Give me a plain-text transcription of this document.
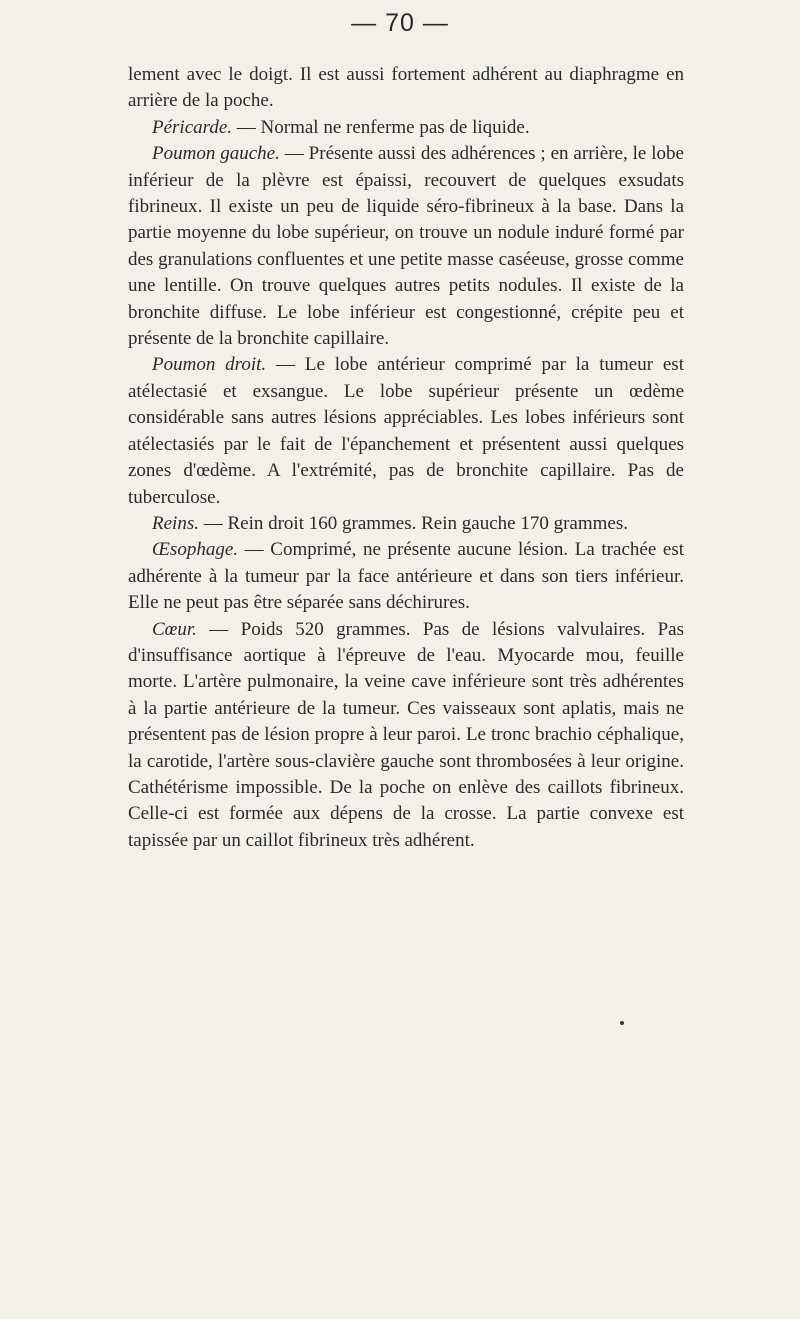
— 70 —

lement avec le doigt. Il est aussi fortement adhérent au diaphragme en arrière de la poche.

Péricarde. — Normal ne renferme pas de liquide.

Poumon gauche. — Présente aussi des adhérences ; en arrière, le lobe inférieur de la plèvre est épaissi, recouvert de quelques exsudats fibrineux. Il existe un peu de liquide séro-fibrineux à la base. Dans la partie moyenne du lobe supérieur, on trouve un nodule induré formé par des granulations confluentes et une petite masse caséeuse, grosse comme une lentille. On trouve quelques autres petits nodules. Il existe de la bronchite diffuse. Le lobe inférieur est congestionné, crépite peu et présente de la bronchite capillaire.

Poumon droit. — Le lobe antérieur comprimé par la tumeur est atélectasié et exsangue. Le lobe supérieur présente un œdème considérable sans autres lésions appréciables. Les lobes inférieurs sont atélectasiés par le fait de l'épanchement et présentent aussi quelques zones d'œdème. A l'extrémité, pas de bronchite capillaire. Pas de tuberculose.

Reins. — Rein droit 160 grammes. Rein gauche 170 grammes.

Œsophage. — Comprimé, ne présente aucune lésion. La trachée est adhérente à la tumeur par la face antérieure et dans son tiers inférieur. Elle ne peut pas être séparée sans déchirures.

Cœur. — Poids 520 grammes. Pas de lésions valvulaires. Pas d'insuffisance aortique à l'épreuve de l'eau. Myocarde mou, feuille morte. L'artère pulmonaire, la veine cave inférieure sont très adhérentes à la partie antérieure de la tumeur. Ces vaisseaux sont aplatis, mais ne présentent pas de lésion propre à leur paroi. Le tronc brachio céphalique, la carotide, l'artère sous-clavière gauche sont thrombosées à leur origine. Cathétérisme impossible. De la poche on enlève des caillots fibrineux. Celle-ci est formée aux dépens de la crosse. La partie convexe est tapissée par un caillot fibrineux très adhérent.
